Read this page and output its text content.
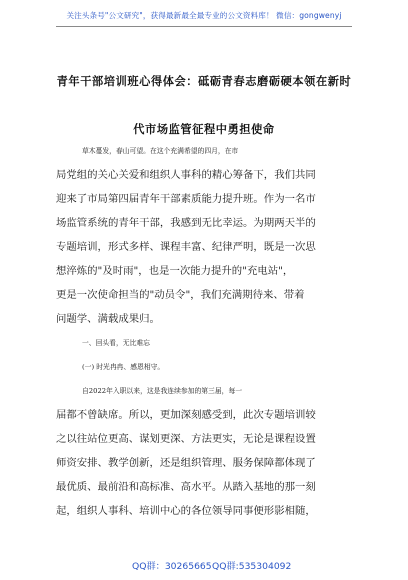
关注头条号"公文研究"，获得最新最全最专业的公文资料库！ 微信：gongwenyj
青年干部培训班心得体会：砥砺青春志磨砺硬本领在新时
代市场监管征程中勇担使命
草木蔓发，春山可望。在这个充满希望的四月，在市
局党组的关心关爱和组织人事科的精心筹备下，我们共同
迎来了市局第四届青年干部素质能力提升班。作为一名市
场监管系统的青年干部，我感到无比幸运。为期两天半的
专题培训，形式多样、课程丰富、纪律严明，既是一次思
想淬炼的"及时雨"，也是一次能力提升的"充电站"，
更是一次使命担当的"动员令"，我们充满期待来、带着
问题学、满载成果归。
一、回头看，无比难忘
(一) 时光冉冉、感恩相守。
自2022年入职以来，这是我连续参加的第三届，每一
届都不曾缺席。所以，更加深刻感受到，此次专题培训较
之以往站位更高、谋划更深、方法更实，无论是课程设置
师资安排、教学创新，还是组织管理、服务保障都体现了
最优质、最前沿和高标准、高水平。从踏入基地的那一刻
起，组织人事科、培训中心的各位领导同事便形影相随，
QQ群：30265665 QQ群:535304092
